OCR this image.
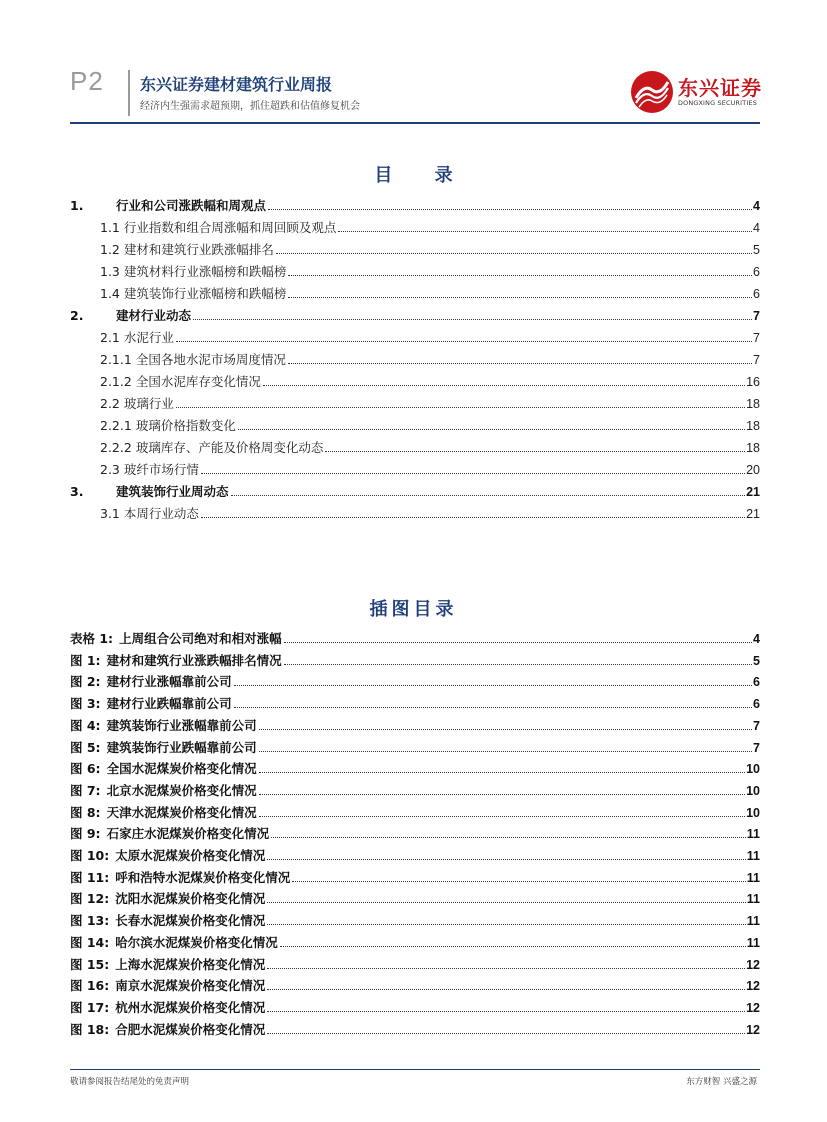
P2 东兴证券建材建筑行业周报
经济内生强需求超预期，抓住超跌和估值修复机会
东兴证券
DONGXING SECURITIES
目 录
1.	行业和公司涨跌幅和周观点	4
1.1 行业指数和组合周涨幅和周回顾及观点	4
1.2 建材和建筑行业跌涨幅排名	5
1.3 建筑材料行业涨幅榜和跌幅榜	6
1.4 建筑装饰行业涨幅榜和跌幅榜	6
2.	建材行业动态	7
2.1 水泥行业	7
2.1.1 全国各地水泥市场周度情况	7
2.1.2 全国水泥库存变化情况	16
2.2 玻璃行业	18
2.2.1 玻璃价格指数变化	18
2.2.2 玻璃库存、产能及价格周变化动态	18
2.3 玻纤市场行情	20
3.	建筑装饰行业周动态	21
3.1 本周行业动态	21
插图目录
表格 1: 上周组合公司绝对和相对涨幅	4
图 1: 建材和建筑行业涨跌幅排名情况	5
图 2: 建材行业涨幅靠前公司	6
图 3: 建材行业跌幅靠前公司	6
图 4: 建筑装饰行业涨幅靠前公司	7
图 5: 建筑装饰行业跌幅靠前公司	7
图 6: 全国水泥煤炭价格变化情况	10
图 7: 北京水泥煤炭价格变化情况	10
图 8: 天津水泥煤炭价格变化情况	10
图 9: 石家庄水泥煤炭价格变化情况	11
图 10: 太原水泥煤炭价格变化情况	11
图 11: 呼和浩特水泥煤炭价格变化情况	11
图 12: 沈阳水泥煤炭价格变化情况	11
图 13: 长春水泥煤炭价格变化情况	11
图 14: 哈尔滨水泥煤炭价格变化情况	11
图 15: 上海水泥煤炭价格变化情况	12
图 16: 南京水泥煤炭价格变化情况	12
图 17: 杭州水泥煤炭价格变化情况	12
图 18: 合肥水泥煤炭价格变化情况	12
敬请参阅报告结尾处的免责声明	东方财智 兴盛之源
